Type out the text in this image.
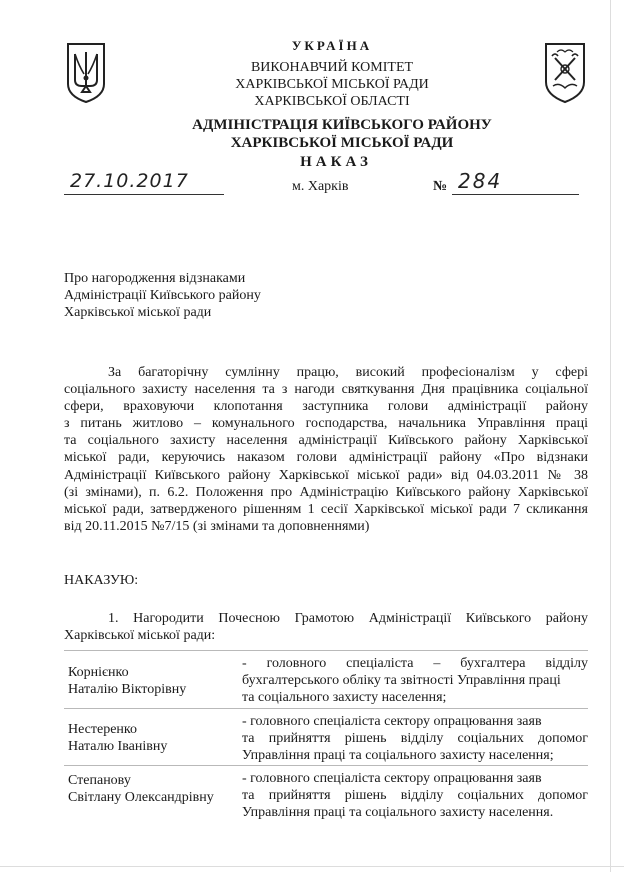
УКРАЇНА
ВИКОНАВЧИЙ КОМІТЕТ
ХАРКІВСЬКОЇ МІСЬКОЇ РАДИ
ХАРКІВСЬКОЇ ОБЛАСТІ
АДМІНІСТРАЦІЯ КИЇВСЬКОГО РАЙОНУ
ХАРКІВСЬКОЇ МІСЬКОЇ РАДИ
НАКАЗ
27.10.2017	м. Харків	№ 284
Про нагородження відзнаками
Адміністрації Київського району
Харківської міської ради
За багаторічну сумлінну працю, високий професіоналізм у сфері
соціального захисту населення та з нагоди святкування Дня працівника соціальної
сфери, враховуючи клопотання заступника голови адміністрації району
з питань житлово – комунального господарства, начальника Управління праці
та соціального захисту населення адміністрації Київського району Харківської
міської ради, керуючись наказом голови адміністрації району «Про відзнаки
Адміністрації Київського району Харківської міської ради» від 04.03.2011 № 38
(зі змінами), п. 6.2. Положення про Адміністрацію Київського району Харківської
міської ради, затвердженого рішенням 1 сесії Харківської міської ради 7 скликання
від 20.11.2015 №7/15 (зі змінами та доповненнями)
НАКАЗУЮ:
1. Нагородити Почесною Грамотою Адміністрації Київського району
Харківської міської ради:
Корнієнко
Наталію Вікторівну
- головного спеціаліста – бухгалтера відділу
бухгалтерського обліку та звітності Управління праці
та соціального захисту населення;
Нестеренко
Наталю Іванівну
- головного спеціаліста сектору опрацювання заяв
та прийняття рішень відділу соціальних допомог
Управління праці та соціального захисту населення;
Степанову
Світлану Олександрівну
- головного спеціаліста сектору опрацювання заяв
та прийняття рішень відділу соціальних допомог
Управління праці та соціального захисту населення.
